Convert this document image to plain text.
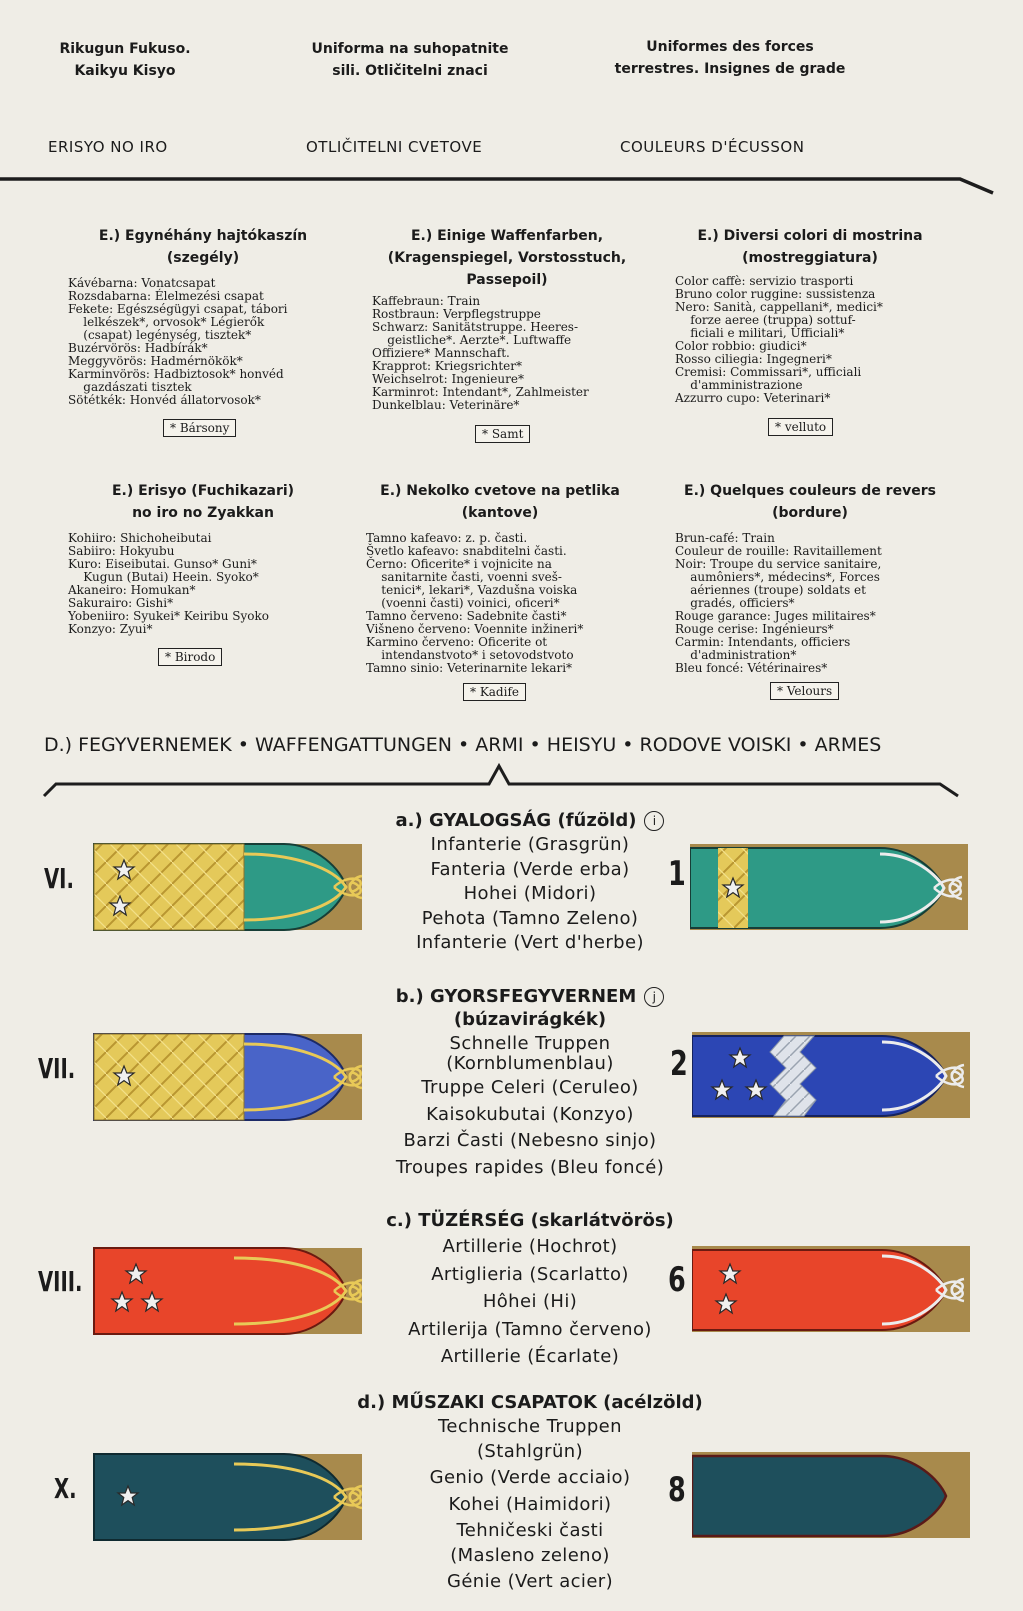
Rikugun Fukuso.
Kaikyu Kisyo
Uniforma na suhopatnite
sili. Otličitelni znaci
Uniformes des forces
terrestres. Insignes de grade
ERISYO NO IRO	OTLIČITELNI CVETOVE	COULEURS D'ÉCUSSON
E.) Egynéhány hajtókaszín
(szegély)
Kávébarna: Vonatcsapat
Rozsdabarna: Élelmezési csapat
Fekete: Egészségügyi csapat, tábori
lelkészek*, orvosok* Légierők
(csapat) legénység, tisztek*
Buzérvörös: Hadbírák*
Meggyvörös: Hadmérnökök*
Karminvörös: Hadbiztosok* honvéd
gazdászati tisztek
Sötétkék: Honvéd állatorvosok*
* Bársony
E.) Einige Waffenfarben,
(Kragenspiegel, Vorstosstuch,
Passepoil)
Kaffebraun: Train
Rostbraun: Verpflegstruppe
Schwarz: Sanitätstruppe. Heeres-
geistliche*. Aerzte*. Luftwaffe
Offiziere* Mannschaft.
Krapprot: Kriegsrichter*
Weichselrot: Ingenieure*
Karminrot: Intendant*, Zahlmeister
Dunkelblau: Veterinäre*
* Samt
E.) Diversi colori di mostrina
(mostreggiatura)
Color caffè: servizio trasporti
Bruno color ruggine: sussistenza
Nero: Sanità, cappellani*, medici*
forze aeree (truppa) sottuf-
ficiali e militari, Ufficiali*
Color robbio: giudici*
Rosso ciliegia: Ingegneri*
Cremisi: Commissari*, ufficiali
d'amministrazione
Azzurro cupo: Veterinari*
* velluto
E.) Erisyo (Fuchikazari)
no iro no Zyakkan
Kohiiro: Shichoheibutai
Sabiiro: Hokyubu
Kuro: Eiseibutai. Gunso* Guni*
Kugun (Butai) Heein. Syoko*
Akaneiro: Homukan*
Sakurairo: Gishi*
Yobeniiro: Syukei* Keiribu Syoko
Konzyo: Zyui*
* Birodo
E.) Nekolko cvetove na petlika
(kantove)
Tamno kafeavo: z. p. časti.
Švetlo kafeavo: snabditelni časti.
Černo: Oficerite* i vojnicite na
sanitarnite časti, voenni sveš-
tenici*, lekari*, Vazdušna voiska
(voenni časti) voinici, oficeri*
Tamno červeno: Sadebnite časti*
Višneno červeno: Voennite inžineri*
Karmino červeno: Oficerite ot
intendanstvoto* i setovodstvoto
Tamno sinio: Veterinarnite lekari*
* Kadife
E.) Quelques couleurs de revers
(bordure)
Brun-café: Train
Couleur de rouille: Ravitaillement
Noir: Troupe du service sanitaire,
aumôniers*, médecins*, Forces
aériennes (troupe) soldats et
gradés, officiers*
Rouge garance: Juges militaires*
Rouge cerise: Ingénieurs*
Carmin: Intendants, officiers
d'administration*
Bleu foncé: Vétérinaires*
* Velours
D.) FEGYVERNEMEK • WAFFENGATTUNGEN • ARMI • HEISYU • RODOVE VOISKI • ARMES
VI.
a.) GYALOGSÁG (fűzöld) i
Infanterie (Grasgrün)
Fanteria (Verde erba)
Hohei (Midori)
Pehota (Tamno Zeleno)
Infanterie (Vert d'herbe)
1
VII.
b.) GYORSFEGYVERNEM j
(búzavirágkék)
Schnelle Truppen
(Kornblumenblau)
Truppe Celeri (Ceruleo)
Kaisokubutai (Konzyo)
Barzi Časti (Nebesno sinjo)
Troupes rapides (Bleu foncé)
2
VIII.
c.) TÜZÉRSÉG (skarlátvörös)
Artillerie (Hochrot)
Artiglieria (Scarlatto)
Hôhei (Hi)
Artilerija (Tamno červeno)
Artillerie (Écarlate)
6
X.
d.) MŰSZAKI CSAPATOK (acélzöld)
Technische Truppen
(Stahlgrün)
Genio (Verde acciaio)
Kohei (Haimidori)
Tehničeski časti
(Masleno zeleno)
Génie (Vert acier)
8
